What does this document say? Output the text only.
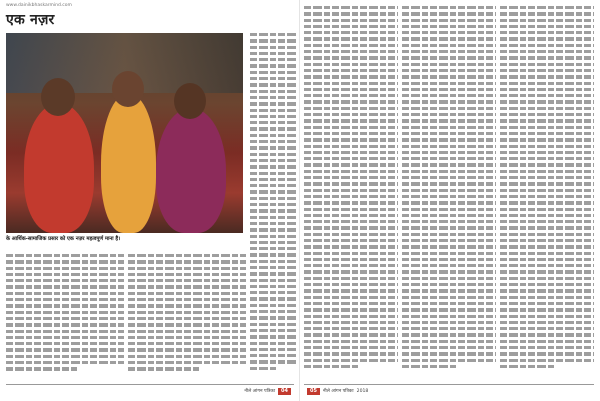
www.dainikbhaskarmind.com
एक नज़र
के आर्थिक-सामाजिक प्रसार को एक नज़र महत्वपूर्ण माना है।
नीले आंगन पत्रिका	04	05	नीले आंगन पत्रिका 2018
